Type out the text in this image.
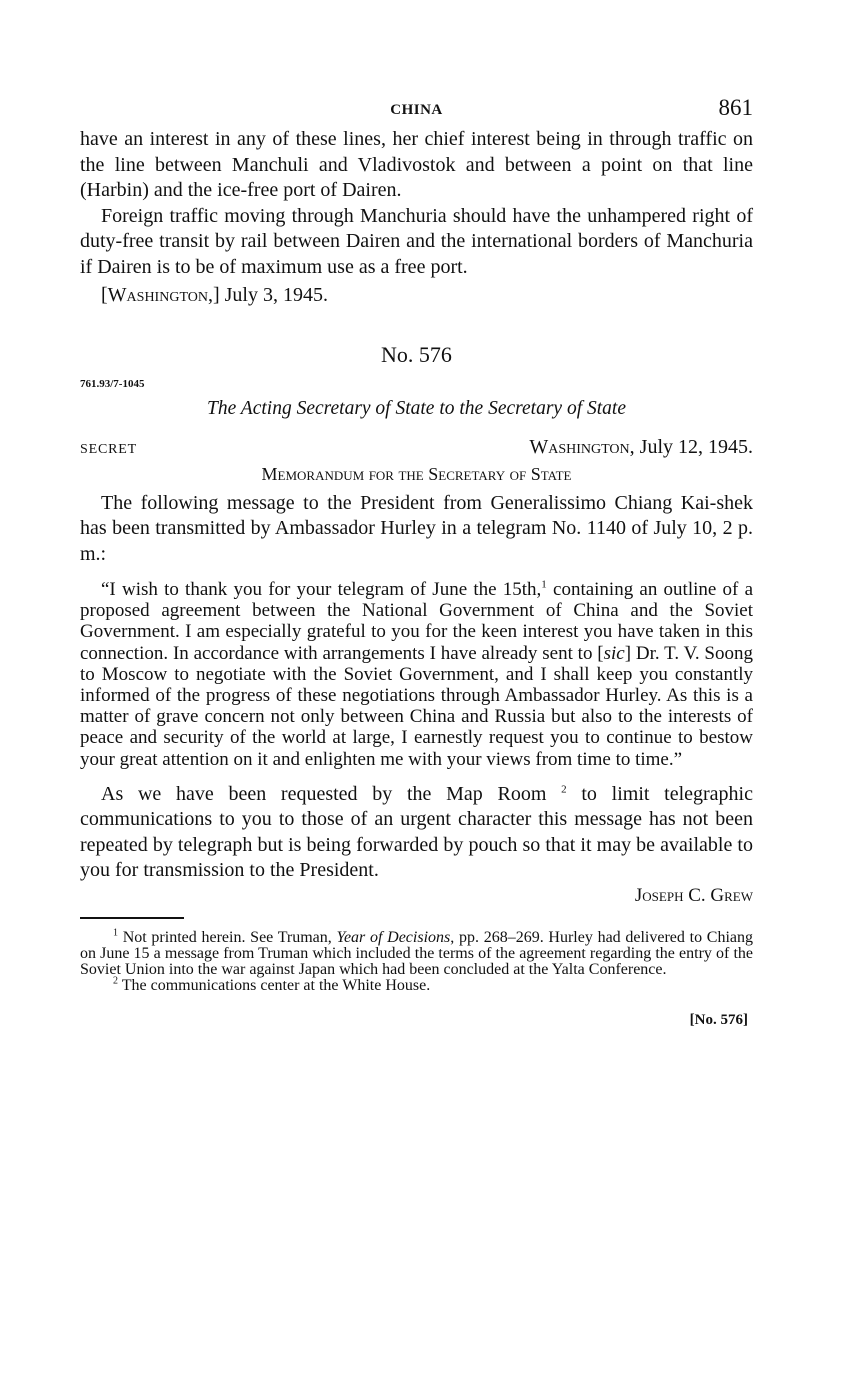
CHINA	861

have an interest in any of these lines, her chief interest being in through traffic on the line between Manchuli and Vladivostok and between a point on that line (Harbin) and the ice-free port of Dairen.

Foreign traffic moving through Manchuria should have the unhampered right of duty-free transit by rail between Dairen and the international borders of Manchuria if Dairen is to be of maximum use as a free port.

[Washington,] July 3, 1945.
No. 576
761.93/7-1045
The Acting Secretary of State to the Secretary of State
SECRET	Washington, July 12, 1945.
Memorandum for the Secretary of State

The following message to the President from Generalissimo Chiang Kai-shek has been transmitted by Ambassador Hurley in a telegram No. 1140 of July 10, 2 p. m.:

“I wish to thank you for your telegram of June the 15th,$^1$ containing an outline of a proposed agreement between the National Government of China and the Soviet Government. I am especially grateful to you for the keen interest you have taken in this connection. In accordance with arrangements I have already sent to [sic] Dr. T. V. Soong to Moscow to negotiate with the Soviet Government, and I shall keep you constantly informed of the progress of these negotiations through Ambassador Hurley. As this is a matter of grave concern not only between China and Russia but also to the interests of peace and security of the world at large, I earnestly request you to continue to bestow your great attention on it and enlighten me with your views from time to time.”

As we have been requested by the Map Room $^2$ to limit telegraphic communications to you to those of an urgent character this message has not been repeated by telegraph but is being forwarded by pouch so that it may be available to you for transmission to the President.

Joseph C. Grew

$^1$ Not printed herein. See Truman, Year of Decisions, pp. 268–269. Hurley had delivered to Chiang on June 15 a message from Truman which included the terms of the agreement regarding the entry of the Soviet Union into the war against Japan which had been concluded at the Yalta Conference.

$^2$ The communications center at the White House.

[No. 576]
